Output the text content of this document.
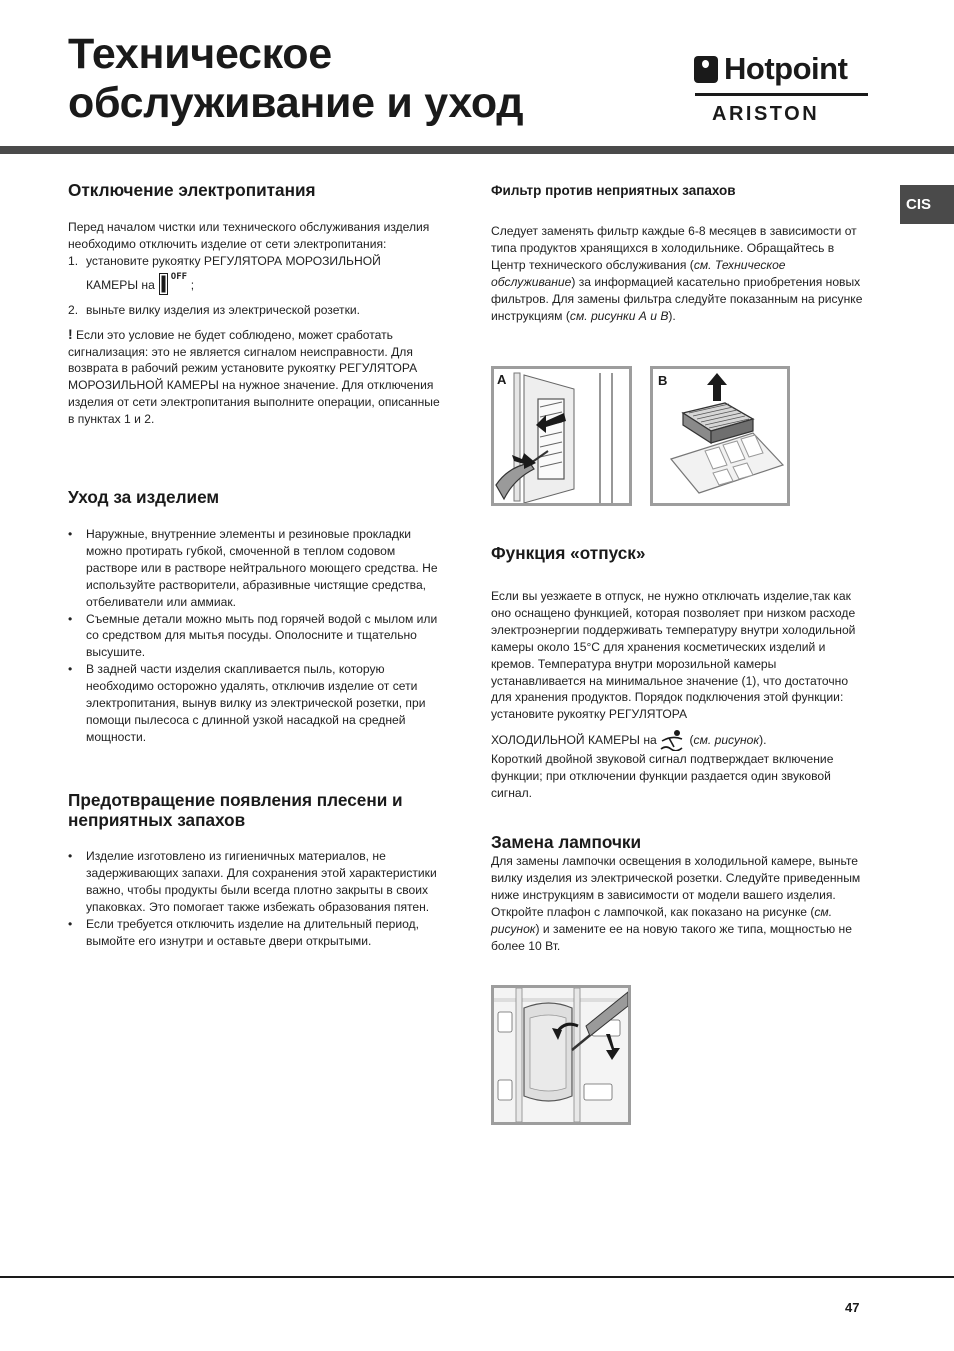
Техническое
обслуживание и уход
Hotpoint
ARISTON
CIS
Отключение электропитания

Перед началом чистки или технического обслуживания изделия необходимо отключить изделие от сети электропитания:

1. установите рукоятку РЕГУЛЯТОРА МОРОЗИЛЬНОЙ
КАМЕРЫ на
OFF
;
2. выньте вилку изделия из электрической розетки.

! Если это условие не будет соблюдено, может сработать сигнализация: это не является сигналом неисправности. Для возврата в рабочий режим установите рукоятку РЕГУЛЯТОРА МОРОЗИЛЬНОЙ КАМЕРЫ на нужное значение. Для отключения изделия от сети электропитания выполните операции, описанные в пунктах 1 и 2.

Уход за изделием
• Наружные, внутренние элементы и резиновые прокладки можно протирать губкой, смоченной в теплом содовом растворе или в растворе нейтрального моющего средства. Не используйте растворители, абразивные чистящие средства, отбеливатели или аммиак.
• Съемные детали можно мыть под горячей водой с мылом или со средством для мытья посуды. Ополосните и тщательно высушите.
• В задней части изделия скапливается пыль, которую необходимо осторожно удалять, отключив изделие от сети электропитания, вынув вилку из электрической розетки, при помощи пылесоса с длинной узкой насадкой на средней мощности.
Предотвращение появления плесени и
неприятных запахов
• Изделие изготовлено из гигиеничных материалов, не задерживающих запахи. Для сохранения этой характеристики важно, чтобы продукты были всегда плотно закрыты в своих упаковках. Это помогает также избежать образования пятен.
• Если требуется отключить изделие на длительный период, вымойте его изнутри и оставьте двери открытыми.
Фильтр против неприятных запахов

Следует заменять фильтр каждые 6-8 месяцев в зависимости от типа продуктов хранящихся в холодильнике. Обращайтесь в Центр технического обслуживания (см. Техническое обслуживание) за информацией касательно приобретения новых фильтров. Для замены фильтра следуйте показанным на рисунке инструкциям (см. рисунки А и В).

A	B
Функция «отпуск»

Если вы уезжаете в отпуск, не нужно отключать изделие,так как оно оснащено функцией, которая позволяет при низком расходе электроэнергии поддерживать температуру внутри холодильной камеры около 15°С для хранения косметических изделий и кремов. Температура внутри морозильной камеры устанавливается на минимальное значение (1), что достаточно для хранения продуктов. Порядок подключения этой функции: установите рукоятку РЕГУЛЯТОРА

ХОЛОДИЛЬНОЙ КАМЕРЫ на  (см. рисунок).

Короткий двойной звуковой сигнал подтверждает включение функции; при отключении функции раздается один звуковой сигнал.

Замена лампочки

Для замены лампочки освещения в холодильной камере, выньте вилку изделия из электрической розетки. Следуйте приведенным ниже инструкциям в зависимости от модели вашего изделия.

Откройте плафон с лампочкой, как показано на рисунке (см. рисунок) и замените ее на новую такого же типа, мощностью не более 10 Вт.

47
